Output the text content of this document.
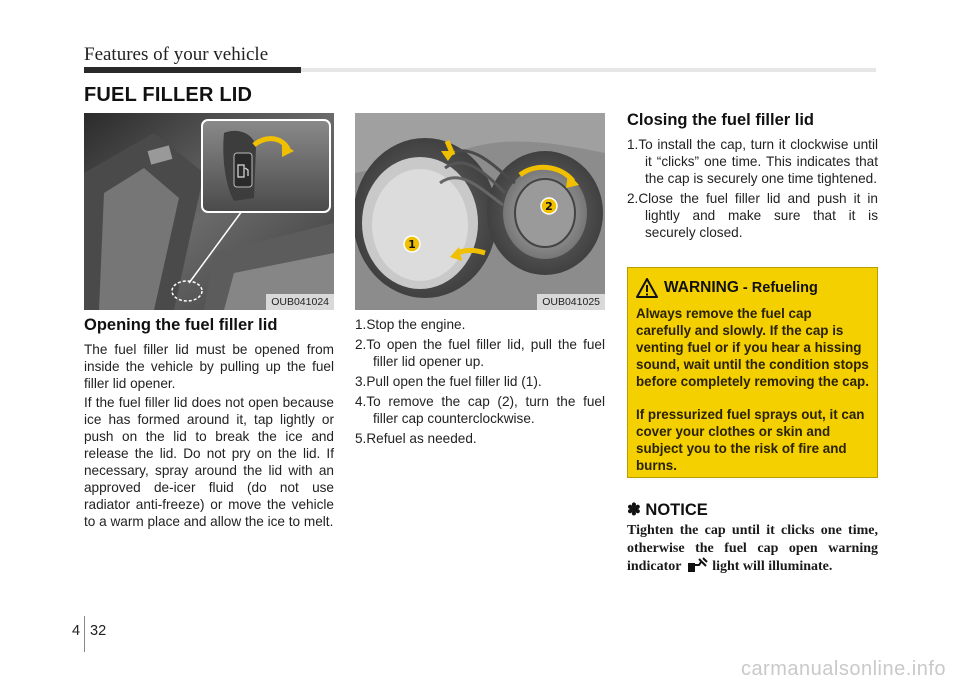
Features of your vehicle
FUEL FILLER LID
OUB041024
1
2
OUB041025
Opening the fuel filler lid

The fuel filler lid must be opened from inside the vehicle by pulling up the fuel filler lid opener.

If the fuel filler lid does not open because ice has formed around it, tap lightly or push on the lid to break the ice and release the lid. Do not pry on the lid. If necessary, spray around the lid with an approved de-icer fluid (do not use radiator anti-freeze) or move the vehicle to a warm place and allow the ice to melt.

1.Stop the engine.
2.To open the fuel filler lid, pull the fuel filler lid opener up.
3.Pull open the fuel filler lid (1).
4.To remove the cap (2), turn the fuel filler cap counterclockwise.
5.Refuel as needed.
Closing the fuel filler lid
1.To install the cap, turn it clockwise until it “clicks” one time. This indicates that the cap is securely one time tightened.
2.Close the fuel filler lid and push it in lightly and make sure that it is securely closed.
WARNING - Refueling

Always remove the fuel cap carefully and slowly. If the cap is venting fuel or if you hear a hissing sound, wait until the condition stops before completely removing the cap.

If pressurized fuel sprays out, it can cover your clothes or skin and subject you to the risk of fire and burns.

✽ NOTICE

Tighten the cap until it clicks one time, otherwise the fuel cap open warning indicator light will illuminate.

4 32
carmanualsonline.info
